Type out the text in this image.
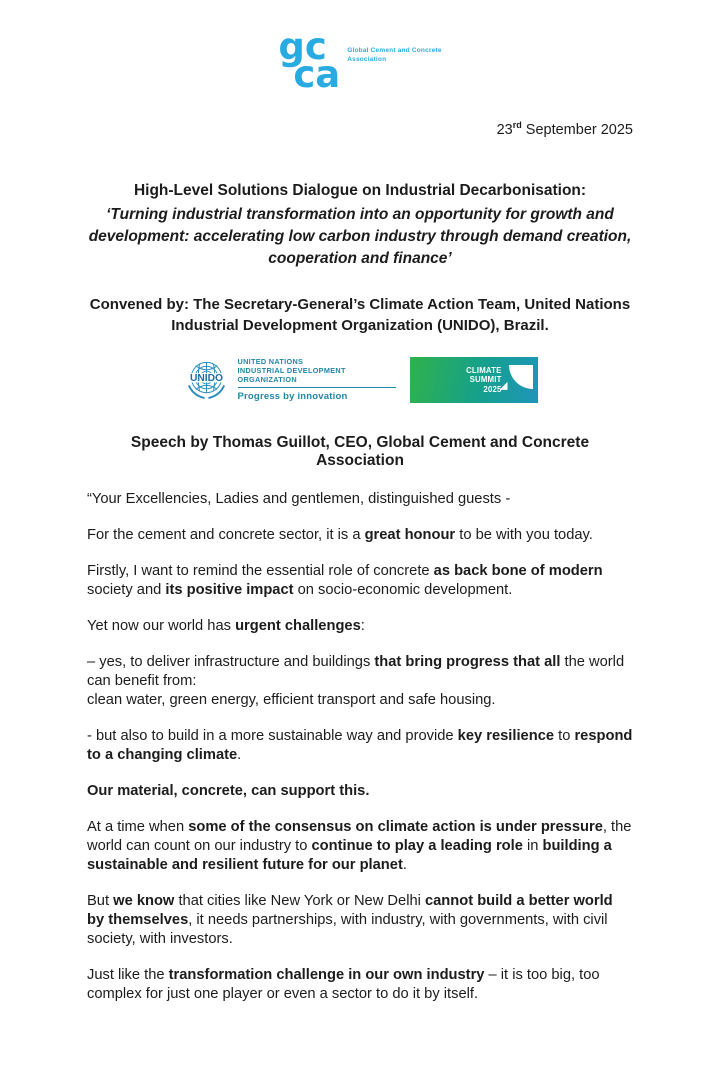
gc
ca
Global Cement and Concrete
Association
23rd September 2025

High-Level Solutions Dialogue on Industrial Decarbonisation:

‘Turning industrial transformation into an opportunity for growth and development: accelerating low carbon industry through demand creation, cooperation and finance’

Convened by: The Secretary-General’s Climate Action Team, United Nations Industrial Development Organization (UNIDO), Brazil.
UNIDO
UNITED NATIONS
INDUSTRIAL DEVELOPMENT ORGANIZATION
Progress by innovation
CLIMATE
SUMMIT
2025
Speech by Thomas Guillot, CEO, Global Cement and Concrete Association

“Your Excellencies, Ladies and gentlemen, distinguished guests -

For the cement and concrete sector, it is a great honour to be with you today.

Firstly, I want to remind the essential role of concrete as back bone of modern society and its positive impact on socio-economic development.

Yet now our world has urgent challenges:

– yes, to deliver infrastructure and buildings that bring progress that all the world can benefit from:
clean water, green energy, efficient transport and safe housing.

- but also to build in a more sustainable way and provide key resilience to respond to a changing climate.

Our material, concrete, can support this.

At a time when some of the consensus on climate action is under pressure, the world can count on our industry to continue to play a leading role in building a sustainable and resilient future for our planet.

But we know that cities like New York or New Delhi cannot build a better world by themselves, it needs partnerships, with industry, with governments, with civil society, with investors.

Just like the transformation challenge in our own industry – it is too big, too complex for just one player or even a sector to do it by itself.
